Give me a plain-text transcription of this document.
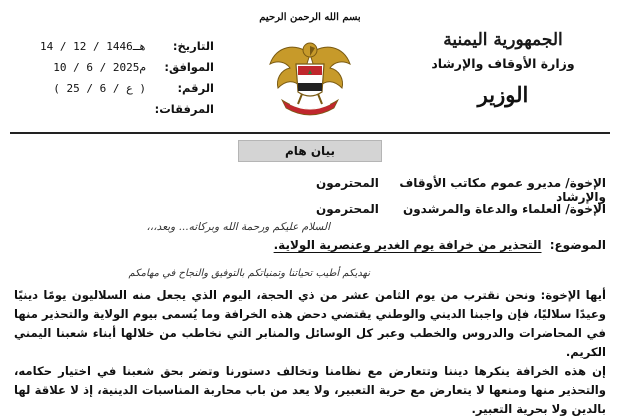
الجمهورية اليمنية
وزارة الأوقاف والإرشاد
الوزير
بسم الله الرحمن الرحيم
التاريخ:
14 / 12 / 1446هـ
الموافق:
10 / 6 / 2025م
الرقم:
( ع / 6 / 25 )
المرفقات:
بيان هام
الإخوة/ مديرو عموم مكاتب الأوقاف والإرشاد
المحترمون
الإخوة/ العلماء والدعاة والمرشدون
المحترمون
السلام عليكم ورحمة الله وبركاته... وبعد،،،
الموضوع: التحذير من خرافة يوم الغدير وعنصرية الولاية.
نهديكم أطيب تحياتنا وتمنياتكم بالتوفيق والنجاح في مهامكم

أيها الإخوة: ونحن نقترب من يوم الثامن عشر من ذي الحجة، اليوم الذي يجعل منه السلاليون يومًا دينيًا وعيدًا سلاليًا، فإن واجبنا الديني والوطني يقتضي دحض هذه الخرافة وما يُسمى بيوم الولاية والتحذير منها في المحاضرات والدروس والخطب وعبر كل الوسائل والمنابر التي نخاطب من خلالها أبناء شعبنا اليمني الكريم.

إن هذه الخرافة ينكرها ديننا وتتعارض مع نظامنا وتخالف دستورنا وتضر بحق شعبنا في اختيار حكامه، والتحذير منها ومنعها لا يتعارض مع حرية التعبير، ولا يعد من باب محاربة المناسبات الدينية، إذ لا علاقة لها بالدين ولا بحرية التعبير.
